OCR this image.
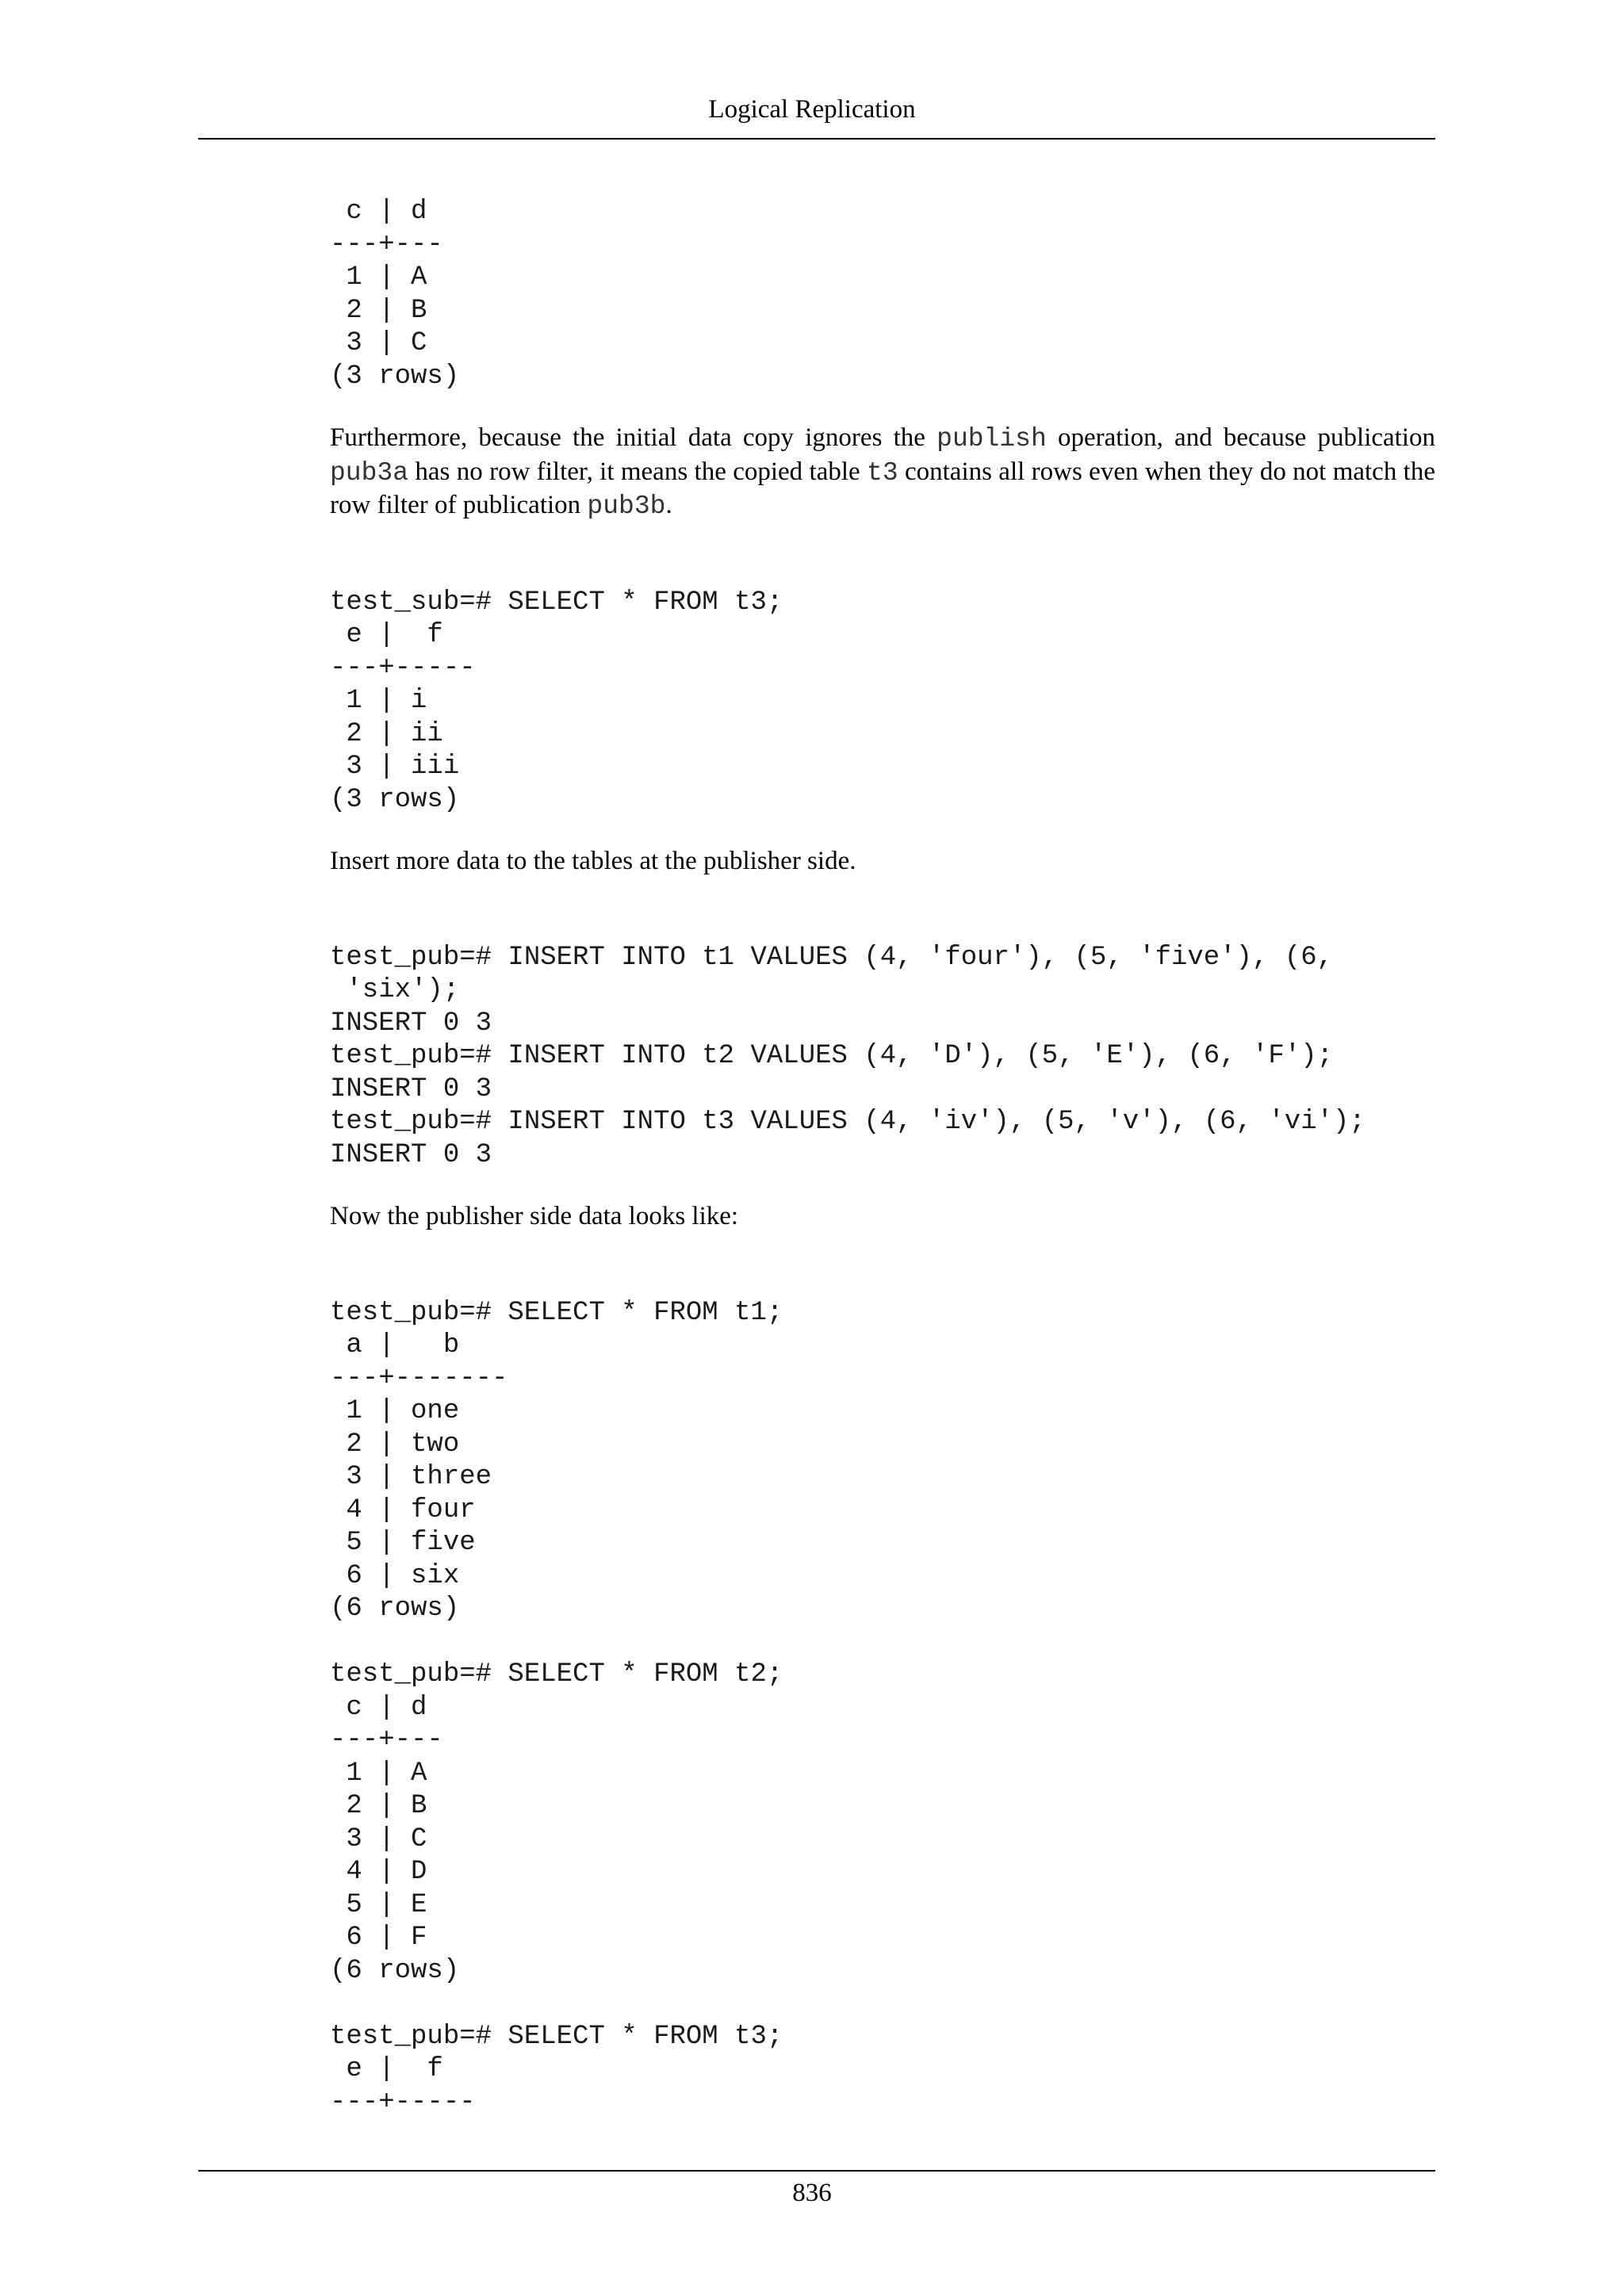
Logical Replication
c | d
---+---
1 | A
2 | B
3 | C
(3 rows)

Furthermore, because the initial data copy ignores the publish operation, and because publication pub3a has no row filter, it means the copied table t3 contains all rows even when they do not match the row filter of publication pub3b.

test_sub=# SELECT * FROM t3;
e |  f
---+-----
1 | i
2 | ii
3 | iii
(3 rows)

Insert more data to the tables at the publisher side.

test_pub=# INSERT INTO t1 VALUES (4, 'four'), (5, 'five'), (6,
'six');
INSERT 0 3
test_pub=# INSERT INTO t2 VALUES (4, 'D'), (5, 'E'), (6, 'F');
INSERT 0 3
test_pub=# INSERT INTO t3 VALUES (4, 'iv'), (5, 'v'), (6, 'vi');
INSERT 0 3

Now the publisher side data looks like:

test_pub=# SELECT * FROM t1;
a |   b
---+-------
1 | one
2 | two
3 | three
4 | four
5 | five
6 | six
(6 rows)

test_pub=# SELECT * FROM t2;
c | d
---+---
1 | A
2 | B
3 | C
4 | D
5 | E
6 | F
(6 rows)

test_pub=# SELECT * FROM t3;
e |  f
---+-----
836
